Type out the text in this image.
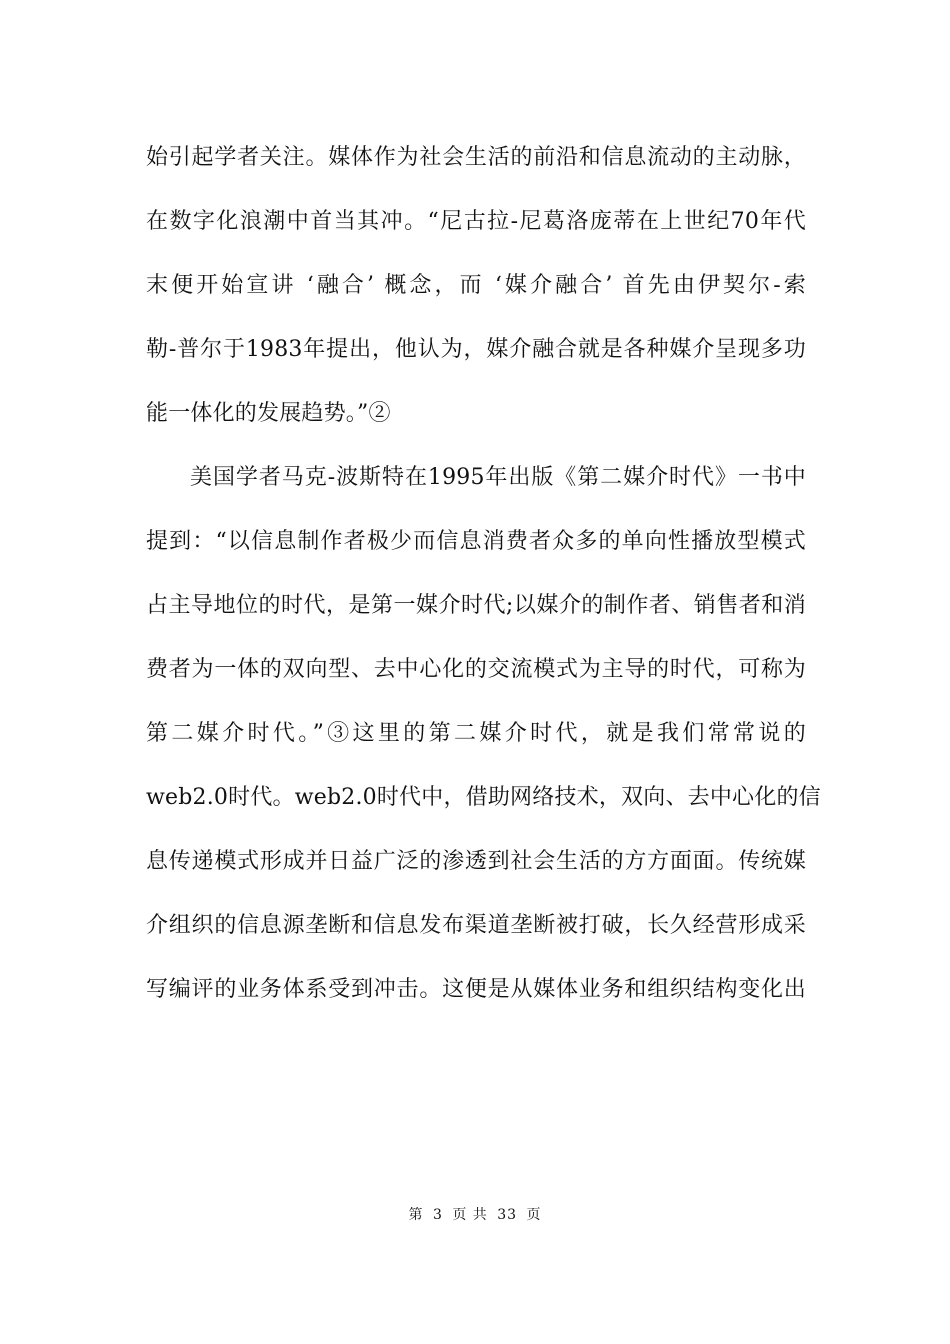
始引起学者关注。媒体作为社会生活的前沿和信息流动的主动脉，
在数字化浪潮中首当其冲。“尼古拉-尼葛洛庞蒂在上世纪70年代
末便开始宣讲 ‘融合’ 概念，而 ‘媒介融合’ 首先由伊契尔-索
勒-普尔于1983年提出，他认为，媒介融合就是各种媒介呈现多功
能一体化的发展趋势。”②
美国学者马克-波斯特在1995年出版《第二媒介时代》一书中
提到：“以信息制作者极少而信息消费者众多的单向性播放型模式
占主导地位的时代，是第一媒介时代;以媒介的制作者、销售者和消
费者为一体的双向型、去中心化的交流模式为主导的时代，可称为
第二媒介时代。”③这里的第二媒介时代，就是我们常常说的
web2.0时代。web2.0时代中，借助网络技术，双向、去中心化的信
息传递模式形成并日益广泛的渗透到社会生活的方方面面。传统媒
介组织的信息源垄断和信息发布渠道垄断被打破，长久经营形成采
写编评的业务体系受到冲击。这便是从媒体业务和组织结构变化出
第 3 页 共 33 页
